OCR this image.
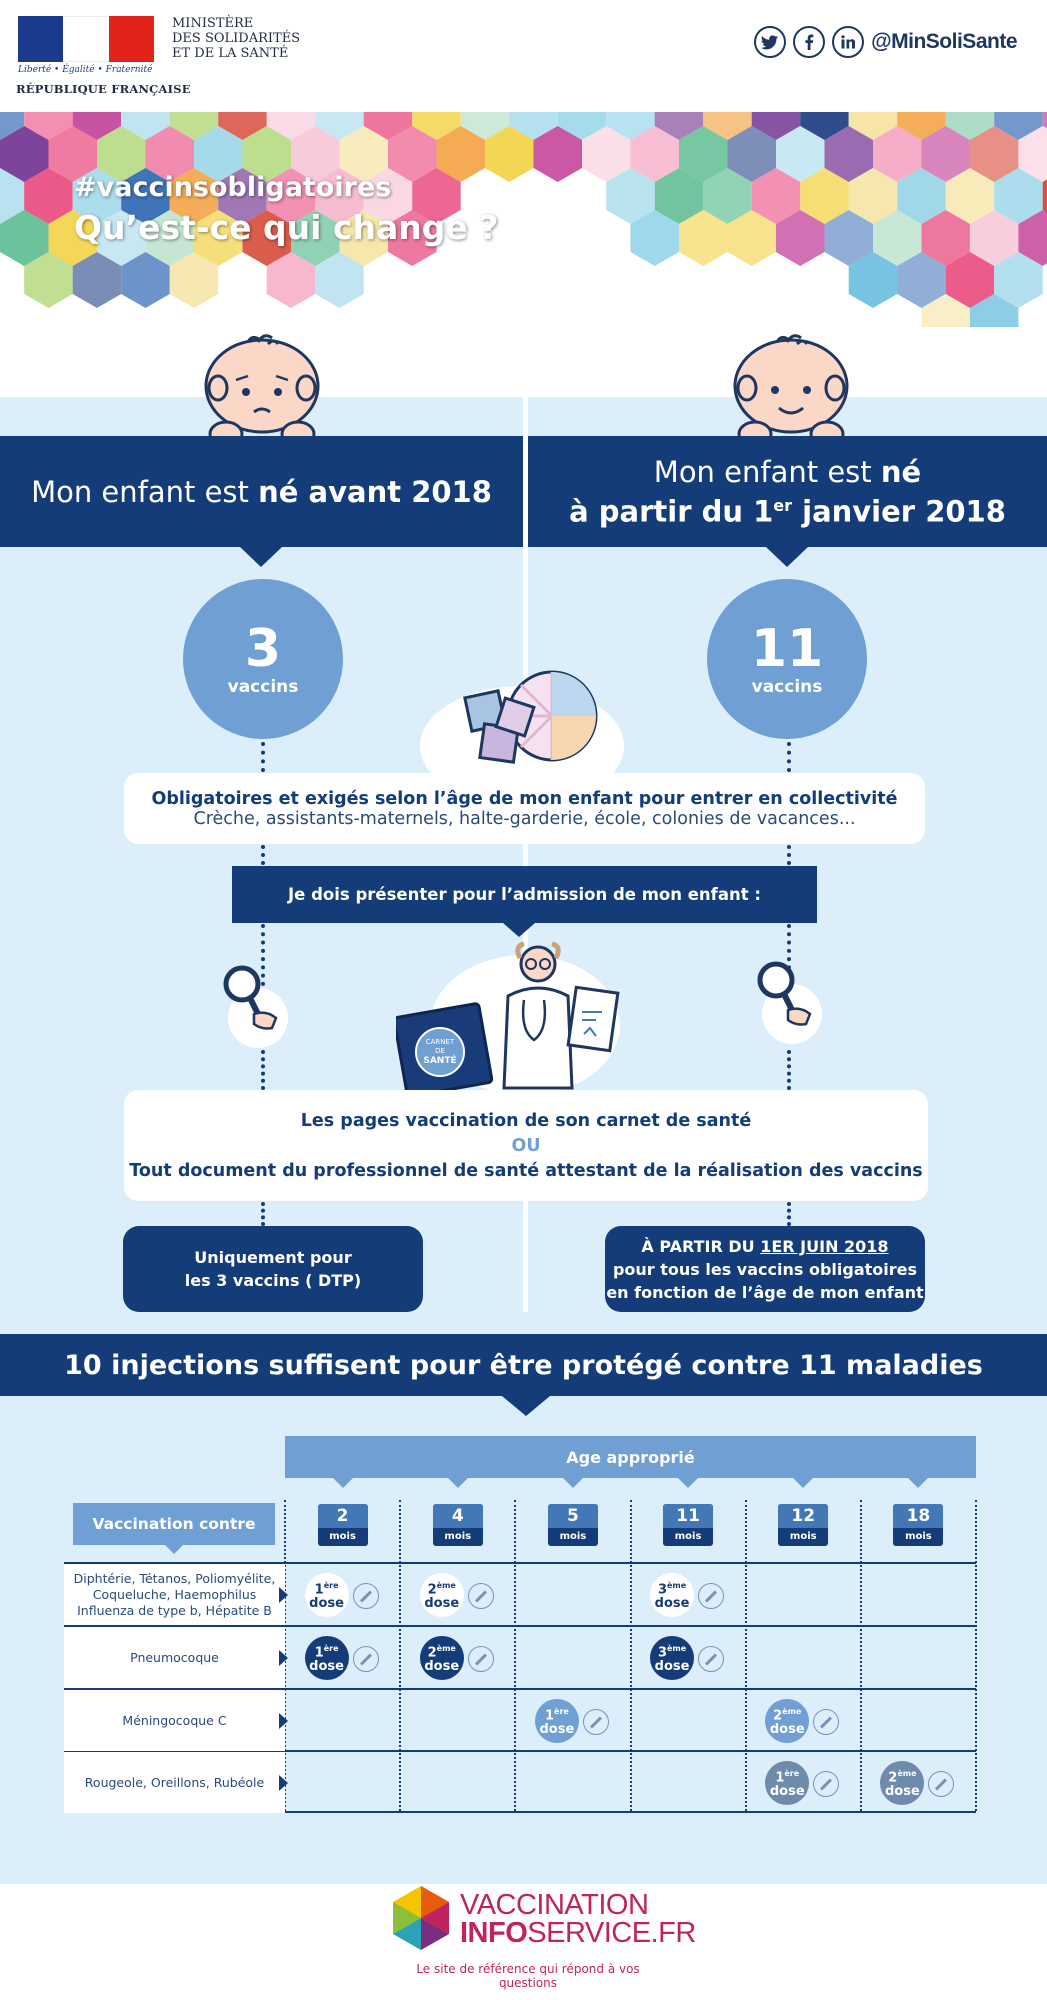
Liberté • Égalité • Fraternité
RÉPUBLIQUE FRANÇAISE
MINISTÈRE
DES SOLIDARITÉS
ET DE LA SANTÉ
@MinSoliSante
#vaccinsobligatoires
Qu’est-ce qui change ?
Mon enfant est né avant 2018
Mon enfant est né
à partir du 1er janvier 2018
3
vaccins
11
vaccins
Obligatoires et exigés selon l’âge de mon enfant pour entrer en collectivité
Crèche, assistants-maternels, halte-garderie, école, colonies de vacances...
Je dois présenter pour l’admission de mon enfant :
CARNET
DE
SANTÉ
Les pages vaccination de son carnet de santé
OU
Tout document du professionnel de santé attestant de la réalisation des vaccins
Uniquement pour
les 3 vaccins ( DTP)
À PARTIR DU 1ER JUIN 2018
pour tous les vaccins obligatoires
en fonction de l’âge de mon enfant
10 injections suffisent pour être protégé contre 11 maladies
Age approprié
Vaccination contre	2
mois
4
mois
5
mois
11
mois
12
mois
18
mois
Diphtérie, Tétanos, Poliomyélite, Coqueluche, Haemophilus Influenza de type b, Hépatite B
Pneumocoque
Méningocoque C
Rougeole, Oreillons, Rubéole
1ère
dose
2ème
dose
3ème
dose
1ère
dose
2ème
dose
3ème
dose
1ère
dose
2ème
dose
1ère
dose
2ème
dose
VACCINATION
INFOSERVICE.FR
Le site de référence qui répond à vos questions
